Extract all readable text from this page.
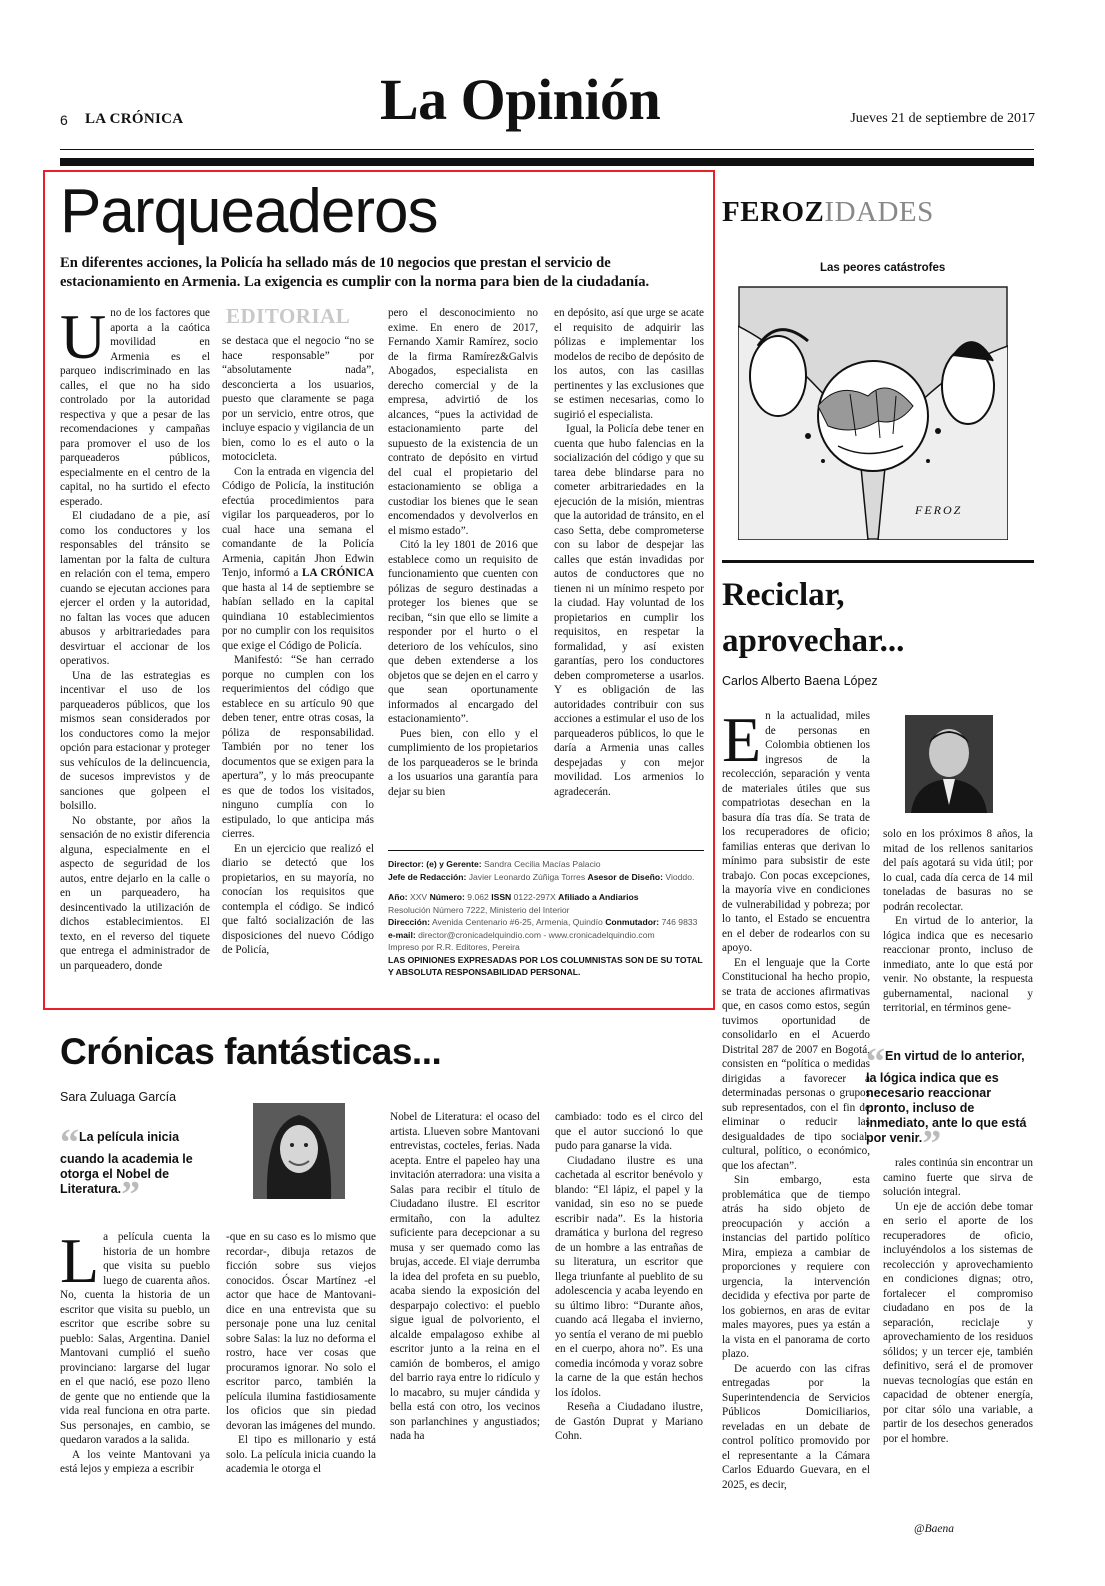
6 LA CRÓNICA	La Opinión	Jueves 21 de septiembre de 2017
Parqueaderos
En diferentes acciones, la Policía ha sellado más de 10 negocios que prestan el servicio de estacionamiento en Armenia. La exigencia es cumplir con la norma para bien de la ciudadanía.

Uno de los factores que aporta a la caótica movilidad en Armenia es el parqueo indiscriminado en las calles, el que no ha sido controlado por la autoridad respectiva y que a pesar de las recomendaciones y campañas para promover el uso de los parqueaderos públicos, especialmente en el centro de la capital, no ha surtido el efecto esperado.

El ciudadano de a pie, así como los conductores y los responsables del tránsito se lamentan por la falta de cultura en relación con el tema, empero cuando se ejecutan acciones para ejercer el orden y la autoridad, no faltan las voces que aducen abusos y arbitrariedades para desvirtuar el accionar de los operativos.

Una de las estrategias es incentivar el uso de los parqueaderos públicos, que los mismos sean considerados por los conductores como la mejor opción para estacionar y proteger sus vehículos de la delincuencia, de sucesos imprevistos y de sanciones que golpeen el bolsillo.

No obstante, por años la sensación de no existir diferencia alguna, especialmente en el aspecto de seguridad de los autos, entre dejarlo en la calle o en un parqueadero, ha desincentivado la utilización de dichos establecimientos. El texto, en el reverso del tiquete que entrega el administrador de un parqueadero, donde

EDITORIAL

se destaca que el negocio “no se hace responsable” por “absolutamente nada”, desconcierta a los usuarios, puesto que claramente se paga por un servicio, entre otros, que incluye espacio y vigilancia de un bien, como lo es el auto o la motocicleta.

Con la entrada en vigencia del Código de Policía, la institución efectúa procedimientos para vigilar los parqueaderos, por lo cual hace una semana el comandante de la Policía Armenia, capitán Jhon Edwin Tenjo, informó a LA CRÓNICA que hasta al 14 de septiembre se habían sellado en la capital quindiana 10 establecimientos por no cumplir con los requisitos que exige el Código de Policía.

Manifestó: “Se han cerrado porque no cumplen con los requerimientos del código que establece en su artículo 90 que deben tener, entre otras cosas, la póliza de responsabilidad. También por no tener los documentos que se exigen para la apertura”, y lo más preocupante es que de todos los visitados, ninguno cumplía con lo estipulado, lo que anticipa más cierres.

En un ejercicio que realizó el diario se detectó que los propietarios, en su mayoría, no conocían los requisitos que contempla el código. Se indicó que faltó socialización de las disposiciones del nuevo Código de Policía,

pero el desconocimiento no exime. En enero de 2017, Fernando Xamir Ramírez, socio de la firma Ramírez&Galvis Abogados, especialista en derecho comercial y de la empresa, advirtió de los alcances, “pues la actividad de estacionamiento parte del supuesto de la existencia de un contrato de depósito en virtud del cual el propietario del estacionamiento se obliga a custodiar los bienes que le sean encomendados y devolverlos en el mismo estado”.

Citó la ley 1801 de 2016 que establece como un requisito de funcionamiento que cuenten con pólizas de seguro destinadas a proteger los bienes que se reciban, “sin que ello se limite a responder por el hurto o el deterioro de los vehículos, sino que deben extenderse a los objetos que se dejen en el carro y que sean oportunamente informados al encargado del estacionamiento”.

Pues bien, con ello y el cumplimiento de los propietarios de los parqueaderos se le brinda a los usuarios una garantía para dejar su bien

en depósito, así que urge se acate el requisito de adquirir las pólizas e implementar los modelos de recibo de depósito de los autos, con las casillas pertinentes y las exclusiones que se estimen necesarias, como lo sugirió el especialista.

Igual, la Policía debe tener en cuenta que hubo falencias en la socialización del código y que su tarea debe blindarse para no cometer arbitrariedades en la ejecución de la misión, mientras que la autoridad de tránsito, en el caso Setta, debe comprometerse con su labor de despejar las calles que están invadidas por autos de conductores que no tienen ni un mínimo respeto por la ciudad. Hay voluntad de los propietarios en cumplir los requisitos, en respetar la formalidad, y así existen garantías, pero los conductores deben comprometerse a usarlos. Y es obligación de las autoridades contribuir con sus acciones a estimular el uso de los parqueaderos públicos, lo que le daría a Armenia unas calles despejadas y con mejor movilidad. Los armenios lo agradecerán.

Director: (e) y Gerente: Sandra Cecilia Macías Palacio
Jefe de Redacción: Javier Leonardo Zúñiga Torres Asesor de Diseño: Vioddo.
Año: XXV Número: 9.062 ISSN 0122-297X Afiliado a Andiarios
Resolución Número 7222, Ministerio del Interior
Dirección: Avenida Centenario #6-25, Armenia, Quindío Conmutador: 746 9833
e-mail: director@cronicadelquindio.com - www.cronicadelquindio.com
Impreso por R.R. Editores, Pereira
LAS OPINIONES EXPRESADAS POR LOS COLUMNISTAS SON DE SU TOTAL Y ABSOLUTA RESPONSABILIDAD PERSONAL.
FEROZIDADES
Las peores catástrofes
FEROZ
Reciclar,
aprovechar...
Carlos Alberto Baena López

En la actualidad, miles de personas en Colombia obtienen los ingresos de la recolección, separación y venta de materiales útiles que sus compatriotas desechan en la basura día tras día. Se trata de los recuperadores de oficio; familias enteras que derivan lo mínimo para subsistir de este trabajo. Con pocas excepciones, la mayoría vive en condiciones de vulnerabilidad y pobreza; por lo tanto, el Estado se encuentra en el deber de rodearlos con su apoyo.

En el lenguaje que la Corte Constitucional ha hecho propio, se trata de acciones afirmativas que, en casos como estos, según tuvimos oportunidad de consolidarlo en el Acuerdo Distrital 287 de 2007 en Bogotá, consisten en “política o medidas dirigidas a favorecer a determinadas personas o grupos sub representados, con el fin de eliminar o reducir las desigualdades de tipo social, cultural, político, o económico, que los afectan”.

Sin embargo, esta problemática que de tiempo atrás ha sido objeto de preocupación y acción a instancias del partido político Mira, empieza a cambiar de proporciones y requiere con urgencia, la intervención decidida y efectiva por parte de los gobiernos, en aras de evitar males mayores, pues ya están a la vista en el panorama de corto plazo.

De acuerdo con las cifras entregadas por la Superintendencia de Servicios Públicos Domiciliarios, reveladas en un debate de control político promovido por el representante a la Cámara Carlos Eduardo Guevara, en el 2025, es decir,

solo en los próximos 8 años, la mitad de los rellenos sanitarios del país agotará su vida útil; por lo cual, cada día cerca de 14 mil toneladas de basuras no se podrán recolectar.

En virtud de lo anterior, la lógica indica que es necesario reaccionar pronto, incluso de inmediato, ante lo que está por venir. No obstante, la respuesta gubernamental, nacional y territorial, en términos gene-

“En virtud de lo anterior, la lógica indica que es necesario reaccionar pronto, incluso de inmediato, ante lo que está por venir.”

rales continúa sin encontrar un camino fuerte que sirva de solución integral.

Un eje de acción debe tomar en serio el aporte de los recuperadores de oficio, incluyéndolos a los sistemas de recolección y aprovechamiento en condiciones dignas; otro, fortalecer el compromiso ciudadano en pos de la separación, reciclaje y aprovechamiento de los residuos sólidos; y un tercer eje, también definitivo, será el de promover nuevas tecnologías que están en capacidad de obtener energía, por citar sólo una variable, a partir de los desechos generados por el hombre.

@Baena
Crónicas fantásticas...
Sara Zuluaga García
“La película inicia cuando la academia le otorga el Nobel de Literatura.”

La película cuenta la historia de un hombre que visita su pueblo luego de cuarenta años. No, cuenta la historia de un escritor que visita su pueblo, un escritor que escribe sobre su pueblo: Salas, Argentina. Daniel Mantovani cumplió el sueño provinciano: largarse del lugar en el que nació, ese pozo lleno de gente que no entiende que la vida real funciona en otra parte. Sus personajes, en cambio, se quedaron varados a la salida.

A los veinte Mantovani ya está lejos y empieza a escribir

-que en su caso es lo mismo que recordar-, dibuja retazos de ficción sobre sus viejos conocidos. Óscar Martínez -el actor que hace de Mantovani- dice en una entrevista que su personaje pone una luz cenital sobre Salas: la luz no deforma el rostro, hace ver cosas que procuramos ignorar. No solo el escritor parco, también la película ilumina fastidiosamente los oficios que sin piedad devoran las imágenes del mundo.

El tipo es millonario y está solo. La película inicia cuando la academia le otorga el

Nobel de Literatura: el ocaso del artista. Llueven sobre Mantovani entrevistas, cocteles, ferias. Nada acepta. Entre el papeleo hay una invitación aterradora: una visita a Salas para recibir el título de Ciudadano ilustre. El escritor ermitaño, con la adultez suficiente para decepcionar a su musa y ser quemado como las brujas, accede. El viaje derrumba la idea del profeta en su pueblo, acaba siendo la exposición del desparpajo colectivo: el pueblo sigue igual de polvoriento, el alcalde empalagoso exhibe al escritor junto a la reina en el camión de bomberos, el amigo del barrio raya entre lo ridículo y lo macabro, su mujer cándida y bella está con otro, los vecinos son parlanchines y angustiados; nada ha

cambiado: todo es el circo del que el autor succionó lo que pudo para ganarse la vida.

Ciudadano ilustre es una cachetada al escritor benévolo y blando: “El lápiz, el papel y la vanidad, sin eso no se puede escribir nada”. Es la historia dramática y burlona del regreso de un hombre a las entrañas de su literatura, un escritor que llega triunfante al pueblito de su adolescencia y acaba leyendo en su último libro: “Durante años, cuando acá llegaba el invierno, yo sentía el verano de mi pueblo en el cuerpo, ahora no”. Es una comedia incómoda y voraz sobre la carne de la que están hechos los ídolos.

Reseña a Ciudadano ilustre, de Gastón Duprat y Mariano Cohn.
